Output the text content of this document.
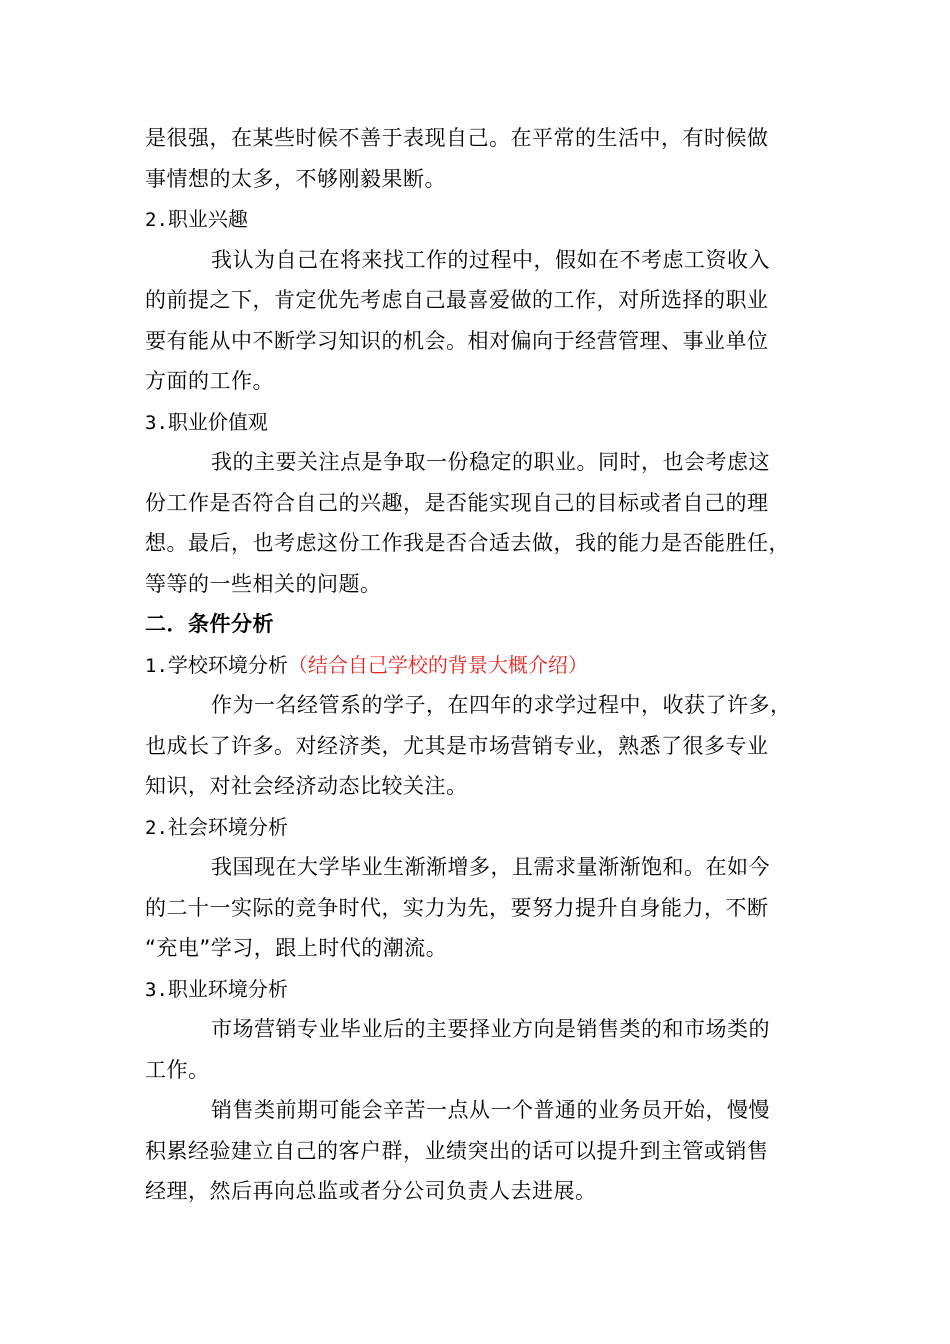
是很强，在某些时候不善于表现自己。在平常的生活中，有时候做
事情想的太多，不够刚毅果断。
2.职业兴趣
我认为自己在将来找工作的过程中，假如在不考虑工资收入
的前提之下，肯定优先考虑自己最喜爱做的工作，对所选择的职业
要有能从中不断学习知识的机会。相对偏向于经营管理、事业单位
方面的工作。
3.职业价值观
我的主要关注点是争取一份稳定的职业。同时，也会考虑这
份工作是否符合自己的兴趣，是否能实现自己的目标或者自己的理
想。最后，也考虑这份工作我是否合适去做，我的能力是否能胜任，
等等的一些相关的问题。
二．条件分析
1.学校环境分析（结合自己学校的背景大概介绍）
作为一名经管系的学子，在四年的求学过程中，收获了许多，
也成长了许多。对经济类，尤其是市场营销专业，熟悉了很多专业
知识，对社会经济动态比较关注。
2.社会环境分析
我国现在大学毕业生渐渐增多，且需求量渐渐饱和。在如今
的二十一实际的竞争时代，实力为先，要努力提升自身能力，不断
“充电”学习，跟上时代的潮流。
3.职业环境分析
市场营销专业毕业后的主要择业方向是销售类的和市场类的
工作。
销售类前期可能会辛苦一点从一个普通的业务员开始，慢慢
积累经验建立自己的客户群，业绩突出的话可以提升到主管或销售
经理，然后再向总监或者分公司负责人去进展。
